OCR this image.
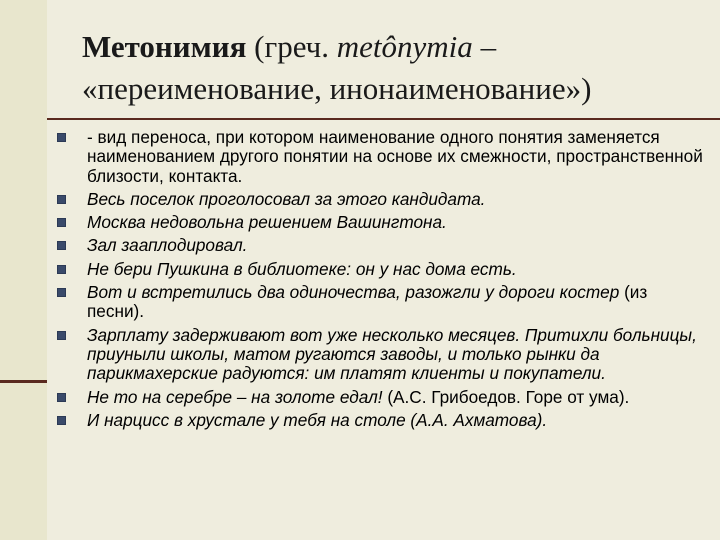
Метонимия (греч. metônymia – «переименование, инонаименование»)
- вид переноса, при котором наименование одного понятия заменяется наименованием другого понятии на основе их смежности, пространственной близости, контакта.
Весь поселок проголосовал за этого кандидата.
Москва недовольна решением Вашингтона.
Зал зааплодировал.
Не бери Пушкина в библиотеке: он у нас дома есть.
Вот и встретились два одиночества, разожгли у дороги костер (из песни).
Зарплату задерживают вот уже несколько месяцев. Притихли больницы, приуныли школы, матом ругаются заводы, и только рынки да парикмахерские радуются: им платят клиенты и покупатели.
Не то на серебре – на золоте едал! (А.С. Грибоедов. Горе от ума).
И нарцисс в хрустале у тебя на столе (А.А. Ахматова).
